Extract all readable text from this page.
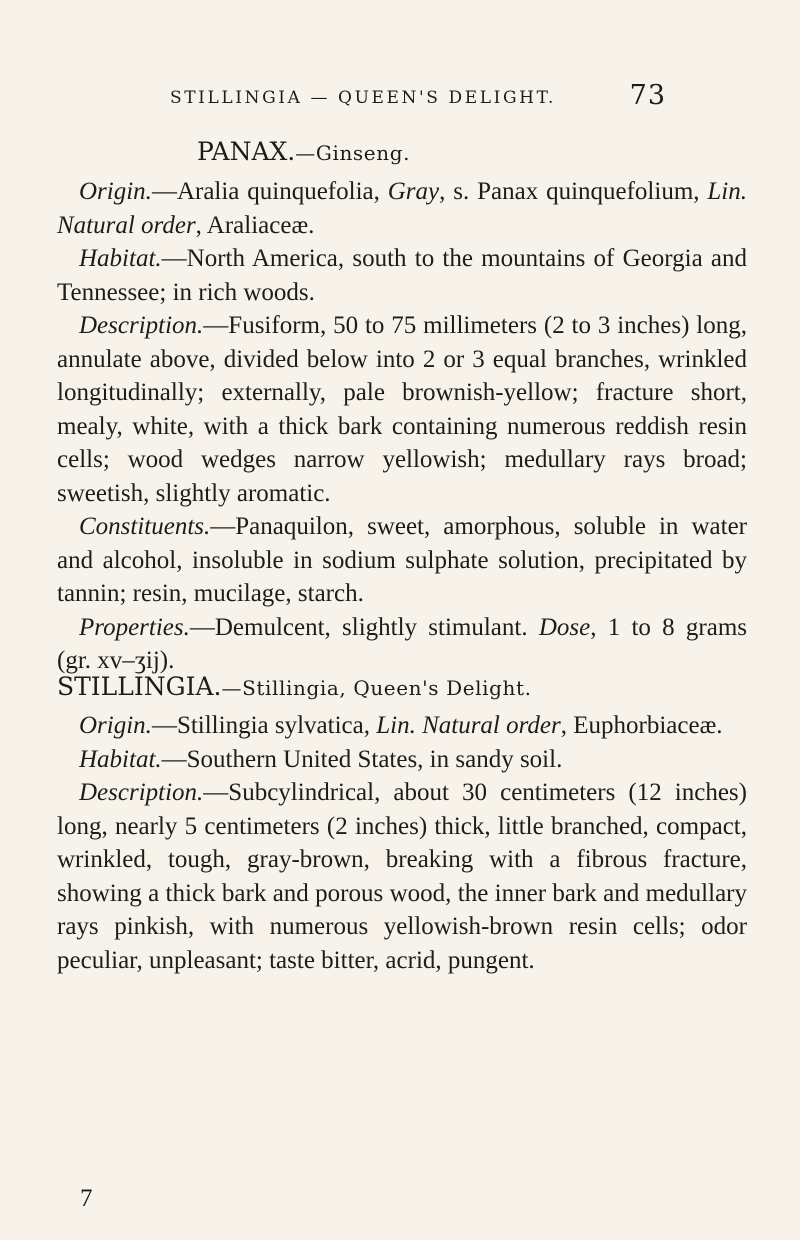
STILLINGIA — QUEEN'S DELIGHT.	73
PANAX.—Ginseng.
Origin.—Aralia quinquefolia, Gray, s. Panax quinquefolium, Lin. Natural order, Araliaceæ.
Habitat.—North America, south to the mountains of Georgia and Tennessee; in rich woods.
Description.—Fusiform, 50 to 75 millimeters (2 to 3 inches) long, annulate above, divided below into 2 or 3 equal branches, wrinkled longitudinally; externally, pale brownish-yellow; fracture short, mealy, white, with a thick bark containing numerous reddish resin cells; wood wedges narrow yellowish; medullary rays broad; sweetish, slightly aromatic.
Constituents.—Panaquilon, sweet, amorphous, soluble in water and alcohol, insoluble in sodium sulphate solution, precipitated by tannin; resin, mucilage, starch.
Properties.—Demulcent, slightly stimulant. Dose, 1 to 8 grams (gr. xv–ʒij).
STILLINGIA.—Stillingia, Queen's Delight.
Origin.—Stillingia sylvatica, Lin. Natural order, Euphorbiaceæ.
Habitat.—Southern United States, in sandy soil.
Description.—Subcylindrical, about 30 centimeters (12 inches) long, nearly 5 centimeters (2 inches) thick, little branched, compact, wrinkled, tough, gray-brown, breaking with a fibrous fracture, showing a thick bark and porous wood, the inner bark and medullary rays pinkish, with numerous yellowish-brown resin cells; odor peculiar, unpleasant; taste bitter, acrid, pungent.
7
